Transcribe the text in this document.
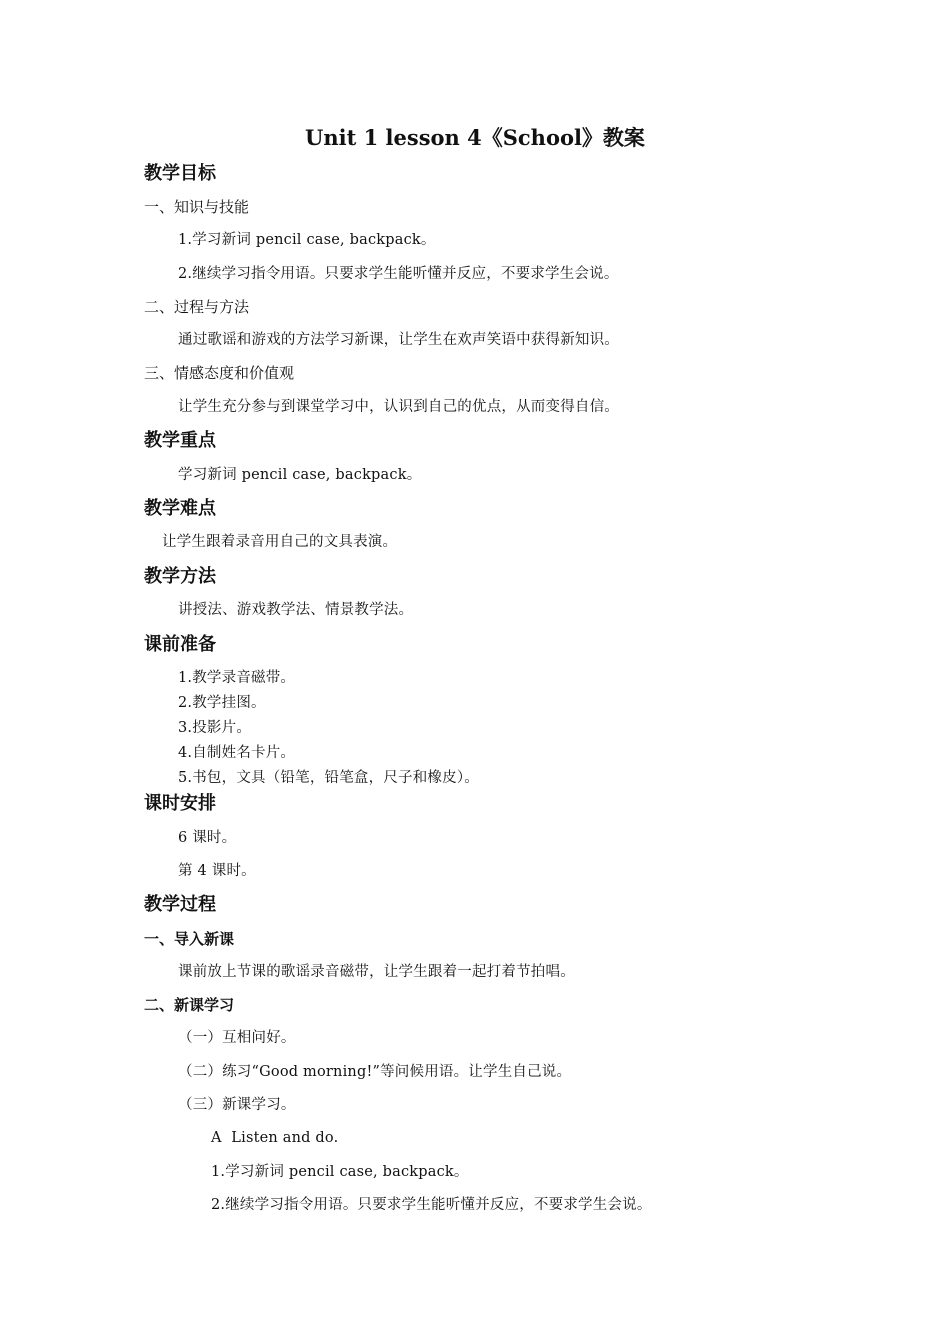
Unit 1 lesson 4《School》教案
教学目标
一、知识与技能
1.学习新词 pencil case, backpack。
2.继续学习指令用语。只要求学生能听懂并反应，不要求学生会说。
二、过程与方法
通过歌谣和游戏的方法学习新课，让学生在欢声笑语中获得新知识。
三、情感态度和价值观
让学生充分参与到课堂学习中，认识到自己的优点，从而变得自信。
教学重点
学习新词 pencil case, backpack。
教学难点
让学生跟着录音用自己的文具表演。
教学方法
讲授法、游戏教学法、情景教学法。
课前准备
1.教学录音磁带。
2.教学挂图。
3.投影片。
4.自制姓名卡片。
5.书包，文具（铅笔，铅笔盒，尺子和橡皮）。
课时安排
6 课时。
第 4 课时。
教学过程
一、导入新课
课前放上节课的歌谣录音磁带，让学生跟着一起打着节拍唱。
二、新课学习
（一）互相问好。
（二）练习“Good morning!”等问候用语。让学生自己说。
（三）新课学习。
A  Listen and do.
1.学习新词 pencil case, backpack。
2.继续学习指令用语。只要求学生能听懂并反应，不要求学生会说。
